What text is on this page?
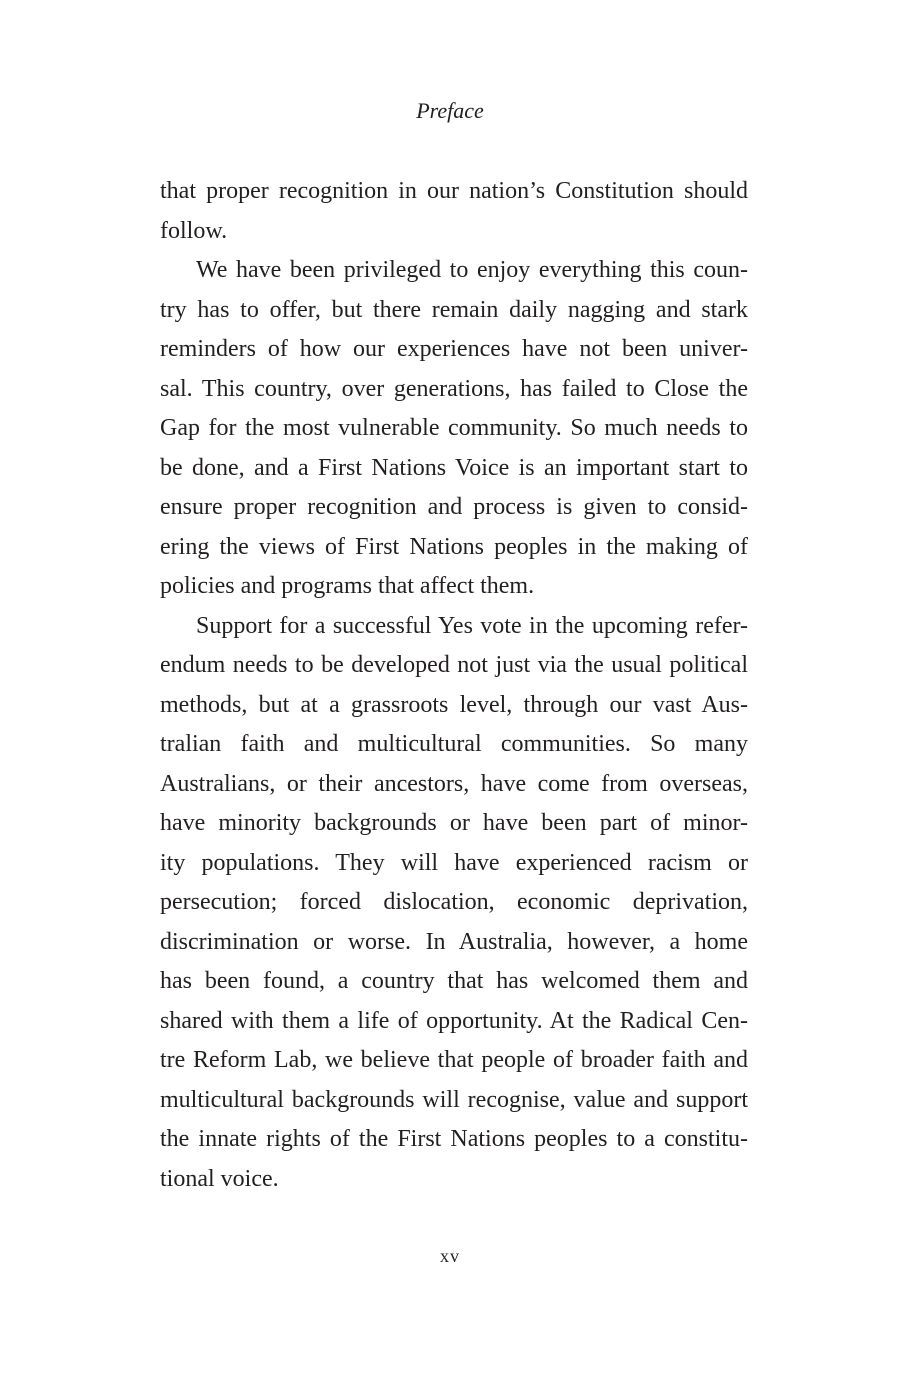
Preface
that proper recognition in our nation’s Constitution should
follow.
We have been privileged to enjoy everything this coun-
try has to offer, but there remain daily nagging and stark
reminders of how our experiences have not been univer-
sal. This country, over generations, has failed to Close the
Gap for the most vulnerable community. So much needs to
be done, and a First Nations Voice is an important start to
ensure proper recognition and process is given to consid-
ering the views of First Nations peoples in the making of
policies and programs that affect them.
Support for a successful Yes vote in the upcoming refer-
endum needs to be developed not just via the usual political
methods, but at a grassroots level, through our vast Aus-
tralian faith and multicultural communities. So many
Australians, or their ancestors, have come from overseas,
have minority backgrounds or have been part of minor-
ity populations. They will have experienced racism or
persecution; forced dislocation, economic deprivation,
discrimination or worse. In Australia, however, a home
has been found, a country that has welcomed them and
shared with them a life of opportunity. At the Radical Cen-
tre Reform Lab, we believe that people of broader faith and
multicultural backgrounds will recognise, value and support
the innate rights of the First Nations peoples to a constitu-
tional voice.
xv
